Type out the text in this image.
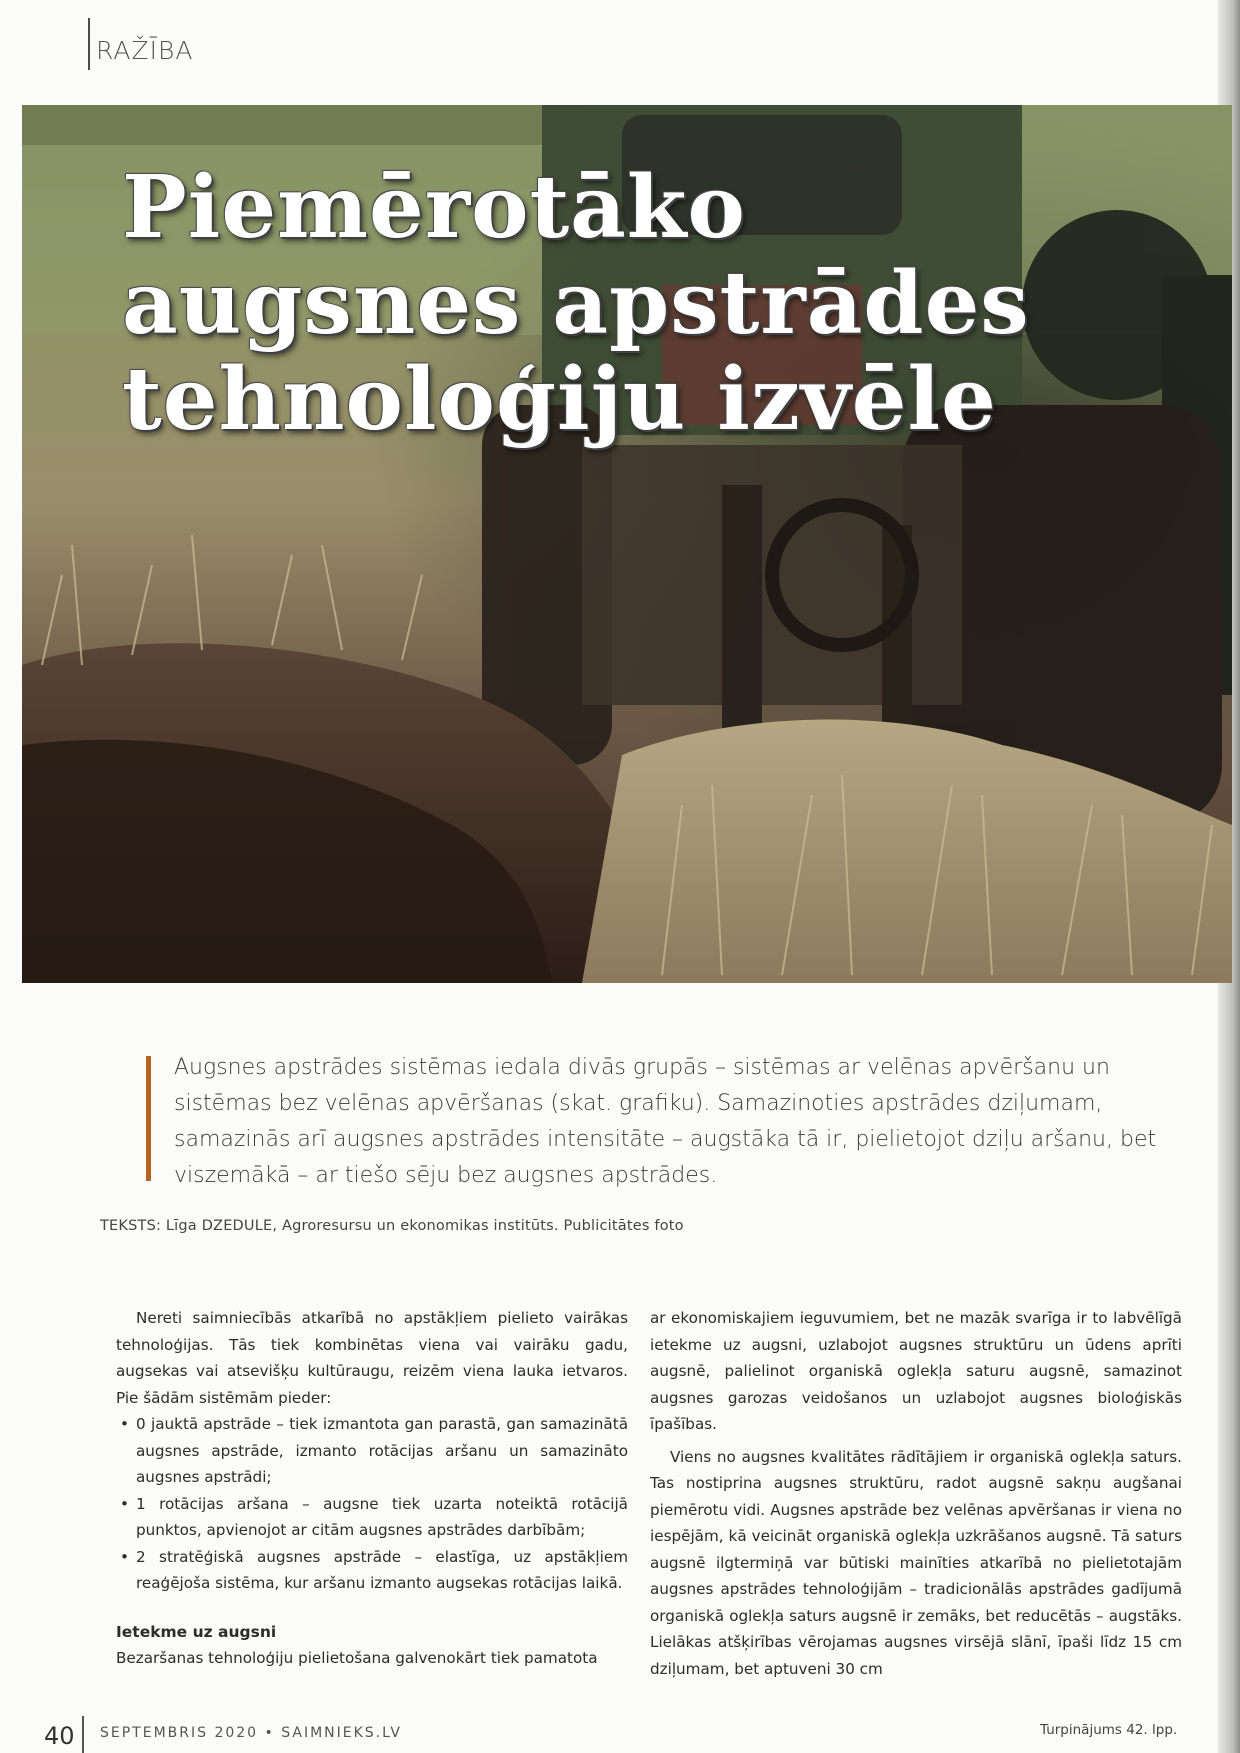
RAŽĪBA
Piemērotāko
augsnes apstrādes
tehnoloģiju izvēle

Augsnes apstrādes sistēmas iedala divās grupās – sistēmas ar velēnas apvēršanu un sistēmas bez velēnas apvēršanas (skat. grafiku). Samazinoties apstrādes dziļumam, samazinās arī augsnes apstrādes intensitāte – augstāka tā ir, pielietojot dziļu aršanu, bet viszemākā – ar tiešo sēju bez augsnes apstrādes.

TEKSTS: Līga DZEDULE, Agroresursu un ekonomikas institūts. Publicitātes foto

Nereti saimniecībās atkarībā no apstākļiem pielieto vairākas tehnoloģijas. Tās tiek kombinētas viena vai vairāku gadu, augsekas vai atsevišķu kultūraugu, reizēm viena lauka ietvaros. Pie šādām sistēmām pieder:

• 0 jauktā apstrāde – tiek izmantota gan parastā, gan samazinātā augsnes apstrāde, izmanto rotācijas aršanu un samazināto augsnes apstrādi;
• 1 rotācijas aršana – augsne tiek uzarta noteiktā rotācijā punktos, apvienojot ar citām augsnes apstrādes darbībām;
• 2 stratēģiskā augsnes apstrāde – elastīga, uz apstākļiem reaģējoša sistēma, kur aršanu izmanto augsekas rotācijas laikā.

Ietekme uz augsni

Bezaršanas tehnoloģiju pielietošana galvenokārt tiek pamatota

ar ekonomiskajiem ieguvumiem, bet ne mazāk svarīga ir to labvēlīgā ietekme uz augsni, uzlabojot augsnes struktūru un ūdens aprīti augsnē, palielinot organiskā oglekļa saturu augsnē, samazinot augsnes garozas veidošanos un uzlabojot augsnes bioloģiskās īpašības.

Viens no augsnes kvalitātes rādītājiem ir organiskā oglekļa saturs. Tas nostiprina augsnes struktūru, radot augsnē sakņu augšanai piemērotu vidi. Augsnes apstrāde bez velēnas apvēršanas ir viena no iespējām, kā veicināt organiskā oglekļa uzkrāšanos augsnē. Tā saturs augsnē ilgtermiņā var būtiski mainīties atkarībā no pielietotajām augsnes apstrādes tehnoloģijām – tradicionālās apstrādes gadījumā organiskā oglekļa saturs augsnē ir zemāks, bet reducētās – augstāks. Lielākas atšķirības vērojamas augsnes virsējā slānī, īpaši līdz 15 cm dziļumam, bet aptuveni 30 cm

Turpinājums 42. lpp.

40 SEPTEMBRIS 2020 • SAIMNIEKS.LV
